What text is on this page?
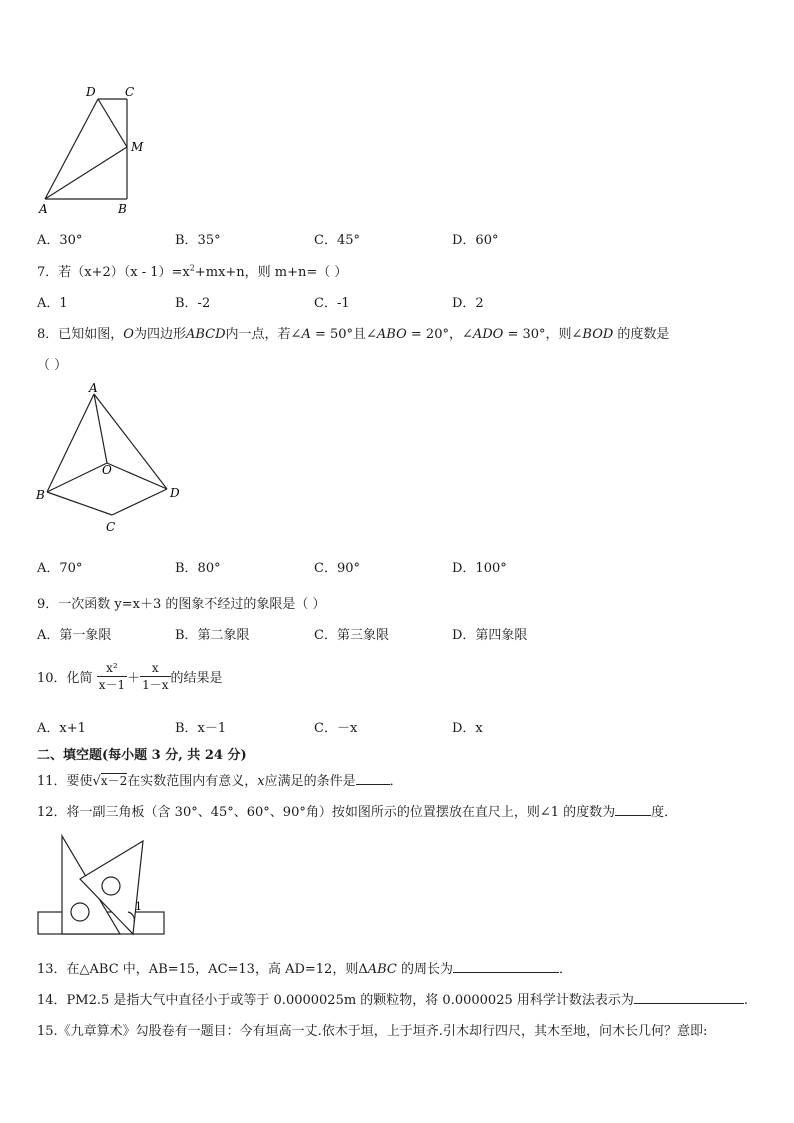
D C
M
A	B
A．30°	B．35°	C．45°	D．60°
7．若$(x+2)(x - 1)=x^2+mx+n$，则 m+n=（ ）
A．1	B．-2	C．-1	D．2
8．已知如图，O为四边形ABCD内一点，若∠A = 50°且∠ABO = 20°，∠ADO = 30°，则∠BOD 的度数是
（ ）
A
O
B	D
C
A．70°	B．80°	C．90°	D．100°
9．一次函数 y=x＋3 的图象不经过的象限是（ ）
A．第一象限	B．第二象限	C．第三象限	D．第四象限
10．化简 $\frac{\text{x²}}{x-1} + \frac{x}{1-x}$ 的结果是
A．x+1	B．x－1	C．－x	D．x
二、填空题(每小题 3 分, 共 24 分)
11．要使√x－2在实数范围内有意义，x应满足的条件是	．
12．将一副三角板（含 30°、45°、60°、90°角）按如图所示的位置摆放在直尺上，则∠1 的度数为	度．
1
13．在△ABC 中，AB=15，AC=13，高 AD=12，则ΔABC 的周长为	．
14．PM2.5 是指大气中直径小于或等于 0.0000025m 的颗粒物，将 0.0000025 用科学计数法表示为	.
15.《九章算术》勾股卷有一题目：今有垣高一丈.依木于垣，上于垣齐.引木却行四尺，其木至地，问木长几何？意即:
